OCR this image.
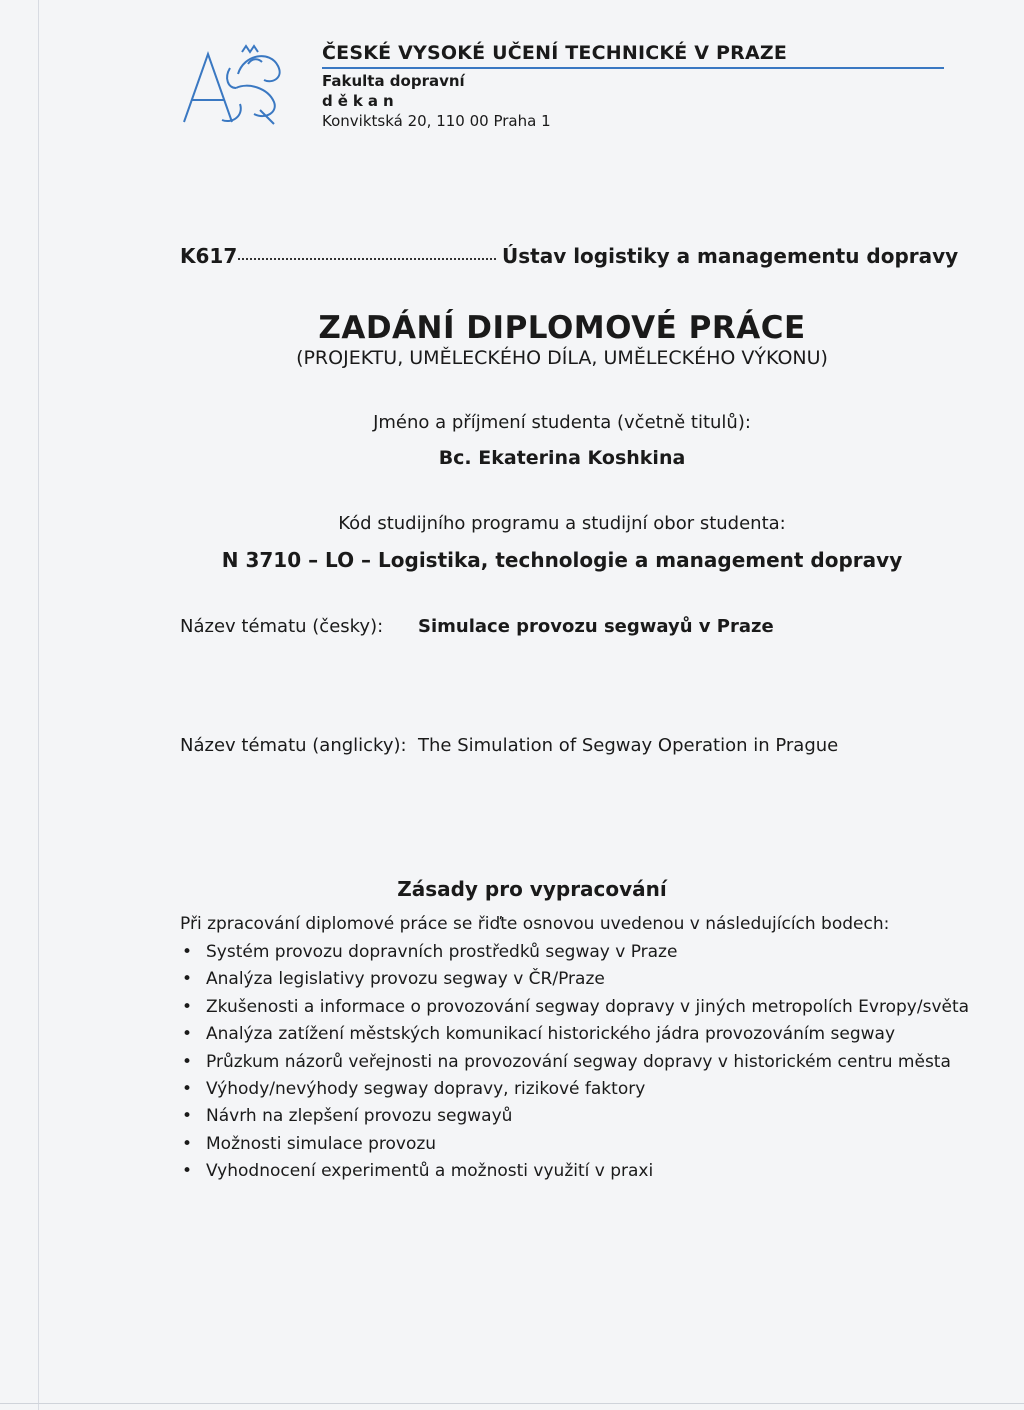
ČESKÉ VYSOKÉ UČENÍ TECHNICKÉ V PRAZE
Fakulta dopravní
děkan
Konviktská 20, 110 00 Praha 1
K617	Ústav logistiky a managementu dopravy
ZADÁNÍ DIPLOMOVÉ PRÁCE
(PROJEKTU, UMĚLECKÉHO DÍLA, UMĚLECKÉHO VÝKONU)
Jméno a příjmení studenta (včetně titulů):
Bc. Ekaterina Koshkina
Kód studijního programu a studijní obor studenta:
N 3710 – LO – Logistika, technologie a management dopravy
Název tématu (česky): Simulace provozu segwayů v Praze
Název tématu (anglicky): The Simulation of Segway Operation in Prague
Zásady pro vypracování
Při zpracování diplomové práce se řiďte osnovou uvedenou v následujících bodech:
• Systém provozu dopravních prostředků segway v Praze
• Analýza legislativy provozu segway v ČR/Praze
• Zkušenosti a informace o provozování segway dopravy v jiných metropolích Evropy/světa
• Analýza zatížení městských komunikací historického jádra provozováním segway
• Průzkum názorů veřejnosti na provozování segway dopravy v historickém centru města
• Výhody/nevýhody segway dopravy, rizikové faktory
• Návrh na zlepšení provozu segwayů
• Možnosti simulace provozu
• Vyhodnocení experimentů a možnosti využití v praxi
